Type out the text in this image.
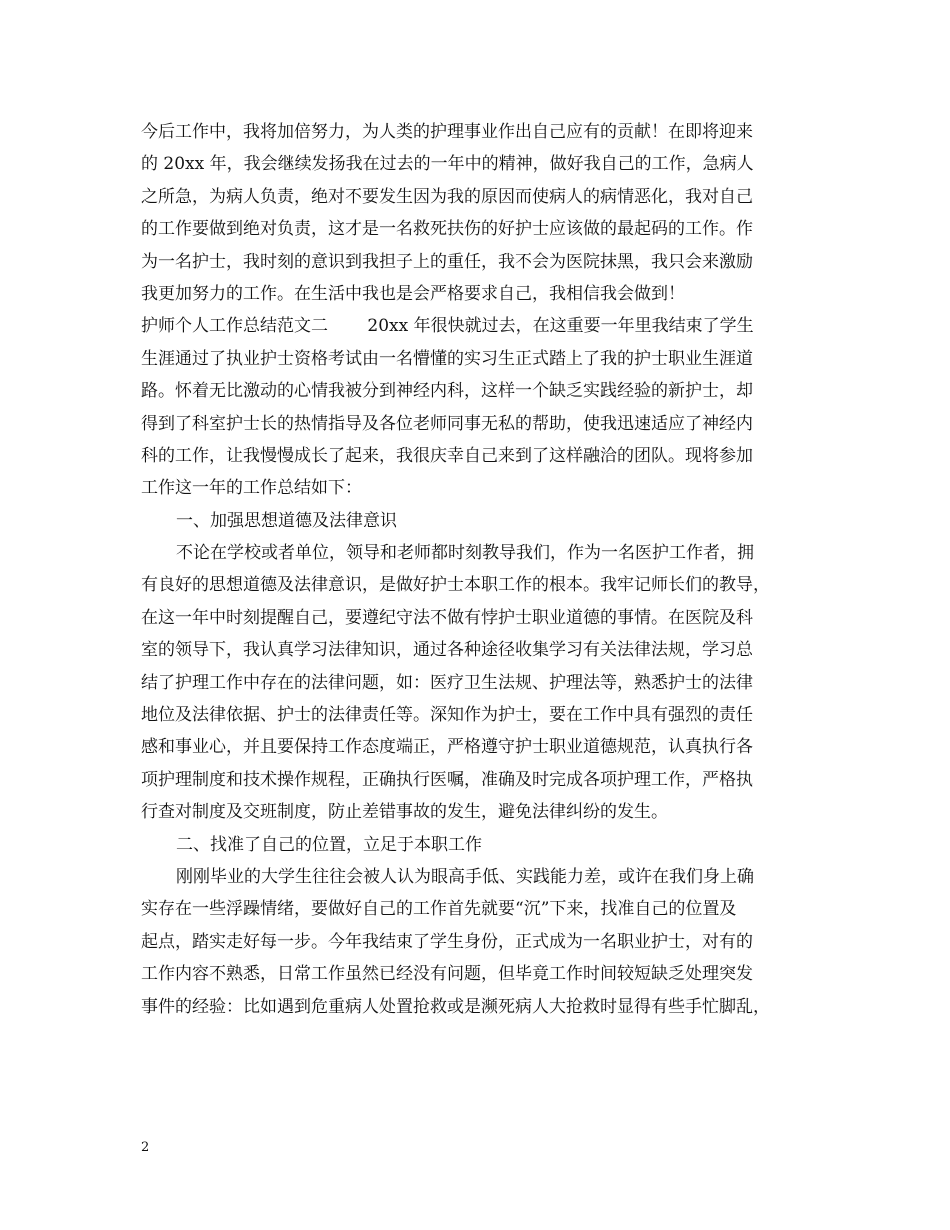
今后工作中，我将加倍努力，为人类的护理事业作出自己应有的贡献！在即将迎来
的 20xx 年，我会继续发扬我在过去的一年中的精神，做好我自己的工作，急病人
之所急，为病人负责，绝对不要发生因为我的原因而使病人的病情恶化，我对自己
的工作要做到绝对负责，这才是一名救死扶伤的好护士应该做的最起码的工作。作
为一名护士，我时刻的意识到我担子上的重任，我不会为医院抹黑，我只会来激励
我更加努力的工作。在生活中我也是会严格要求自己，我相信我会做到！
护师个人工作总结范文二　　 20xx 年很快就过去，在这重要一年里我结束了学生
生涯通过了执业护士资格考试由一名懵懂的实习生正式踏上了我的护士职业生涯道
路。怀着无比激动的心情我被分到神经内科，这样一个缺乏实践经验的新护士，却
得到了科室护士长的热情指导及各位老师同事无私的帮助，使我迅速适应了神经内
科的工作，让我慢慢成长了起来，我很庆幸自己来到了这样融洽的团队。现将参加
工作这一年的工作总结如下：
一、加强思想道德及法律意识
不论在学校或者单位，领导和老师都时刻教导我们，作为一名医护工作者，拥
有良好的思想道德及法律意识，是做好护士本职工作的根本。我牢记师长们的教导，
在这一年中时刻提醒自己，要遵纪守法不做有悖护士职业道德的事情。在医院及科
室的领导下，我认真学习法律知识，通过各种途径收集学习有关法律法规，学习总
结了护理工作中存在的法律问题，如：医疗卫生法规、护理法等，熟悉护士的法律
地位及法律依据、护士的法律责任等。深知作为护士，要在工作中具有强烈的责任
感和事业心，并且要保持工作态度端正，严格遵守护士职业道德规范，认真执行各
项护理制度和技术操作规程，正确执行医嘱，准确及时完成各项护理工作，严格执
行查对制度及交班制度，防止差错事故的发生，避免法律纠纷的发生。
二、找准了自己的位置，立足于本职工作
刚刚毕业的大学生往往会被人认为眼高手低、实践能力差，或许在我们身上确
实存在一些浮躁情绪，要做好自己的工作首先就要“沉”下来，找准自己的位置及
起点，踏实走好每一步。今年我结束了学生身份，正式成为一名职业护士，对有的
工作内容不熟悉，日常工作虽然已经没有问题，但毕竟工作时间较短缺乏处理突发
事件的经验：比如遇到危重病人处置抢救或是濒死病人大抢救时显得有些手忙脚乱，
2
